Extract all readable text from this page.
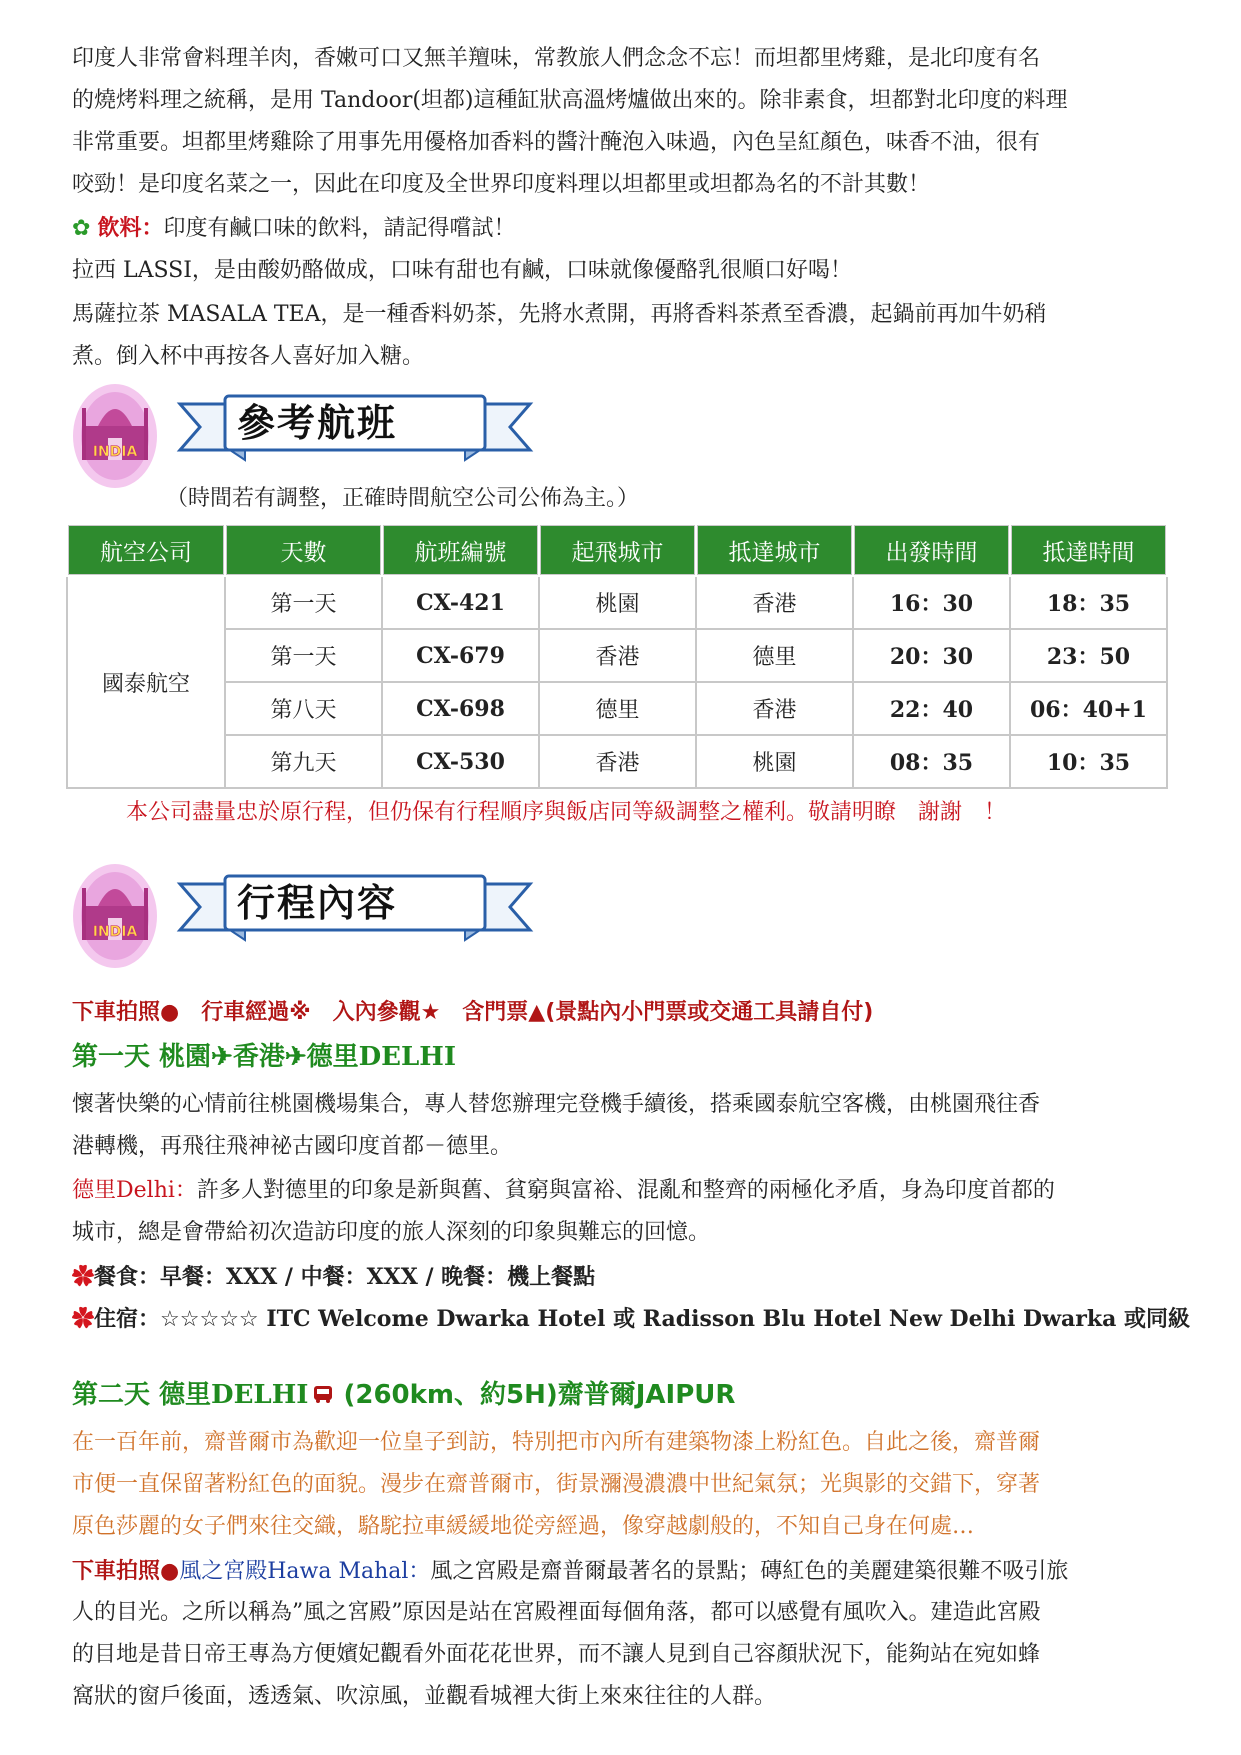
印度人非常會料理羊肉，香嫩可口又無羊羶味，常教旅人們念念不忘！而坦都里烤雞，是北印度有名
的燒烤料理之統稱，是用 Tandoor(坦都)這種缸狀高溫烤爐做出來的。除非素食，坦都對北印度的料理
非常重要。坦都里烤雞除了用事先用優格加香料的醬汁醃泡入味過，內色呈紅顏色，味香不油，很有
咬勁！是印度名菜之一，因此在印度及全世界印度料理以坦都里或坦都為名的不計其數！
✿ 飲料：印度有鹹口味的飲料，請記得嚐試！
拉西 LASSI，是由酸奶酪做成，口味有甜也有鹹，口味就像優酪乳很順口好喝！
馬薩拉茶 MASALA TEA，是一種香料奶茶，先將水煮開，再將香料茶煮至香濃，起鍋前再加牛奶稍
煮。倒入杯中再按各人喜好加入糖。
INDIA
參考航班
（時間若有調整，正確時間航空公司公佈為主。）
航空公司	天數	航班編號	起飛城市	抵達城市	出發時間	抵達時間
國泰航空	第一天	CX-421	桃園	香港	16：30	18：35
	第一天	CX-679	香港	德里	20：30	23：50
	第八天	CX-698	德里	香港	22：40	06：40+1
	第九天	CX-530	香港	桃園	08：35	10：35
本公司盡量忠於原行程，但仍保有行程順序與飯店同等級調整之權利。敬請明瞭　謝謝　！
INDIA
行程內容
下車拍照●　行車經過※　入內參觀★　含門票▲(景點內小門票或交通工具請自付)
第一天 桃園✈香港✈德里DELHI
懷著快樂的心情前往桃園機場集合，專人替您辦理完登機手續後，搭乘國泰航空客機，由桃園飛往香
港轉機，再飛往飛神祕古國印度首都－德里。
德里Delhi：許多人對德里的印象是新與舊、貧窮與富裕、混亂和整齊的兩極化矛盾，身為印度首都的
城市，總是會帶給初次造訪印度的旅人深刻的印象與難忘的回憶。
✿餐食：早餐：XXX / 中餐：XXX / 晚餐：機上餐點
✿住宿：☆☆☆☆☆ ITC Welcome Dwarka Hotel 或 Radisson Blu Hotel New Delhi Dwarka 或同級
第二天 德里DELHI (260km、約5H)齋普爾JAIPUR
在一百年前，齋普爾市為歡迎一位皇子到訪，特別把市內所有建築物漆上粉紅色。自此之後，齋普爾
市便一直保留著粉紅色的面貌。漫步在齋普爾市，街景瀰漫濃濃中世紀氣氛；光與影的交錯下，穿著
原色莎麗的女子們來往交織，駱駝拉車緩緩地從旁經過，像穿越劇般的，不知自己身在何處…
下車拍照●風之宮殿Hawa Mahal：風之宮殿是齋普爾最著名的景點；磚紅色的美麗建築很難不吸引旅
人的目光。之所以稱為”風之宮殿”原因是站在宮殿裡面每個角落，都可以感覺有風吹入。建造此宮殿
的目地是昔日帝王專為方便嬪妃觀看外面花花世界，而不讓人見到自己容顏狀況下，能夠站在宛如蜂
窩狀的窗戶後面，透透氣、吹涼風，並觀看城裡大街上來來往往的人群。
